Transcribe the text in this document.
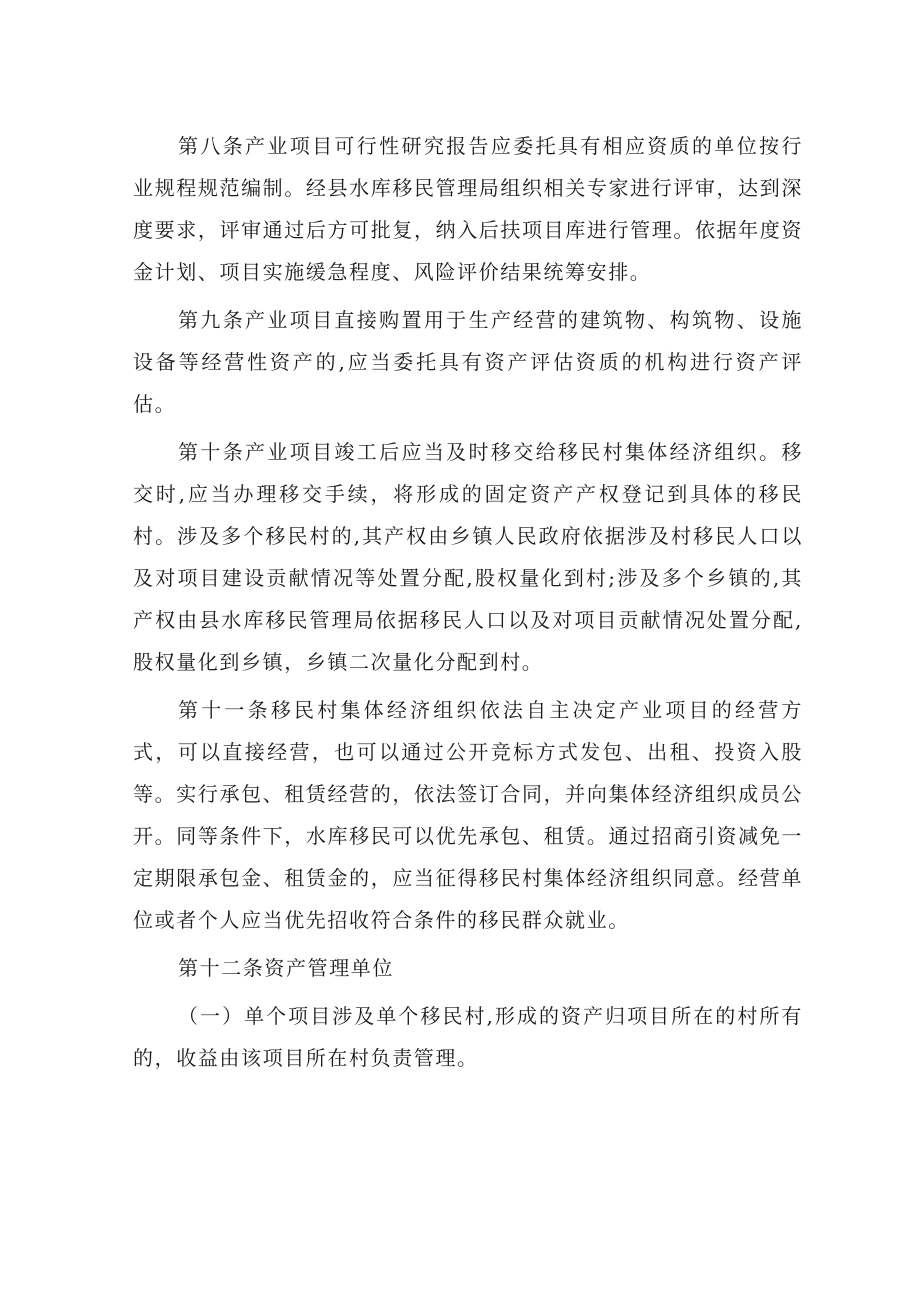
第八条产业项目可行性研究报告应委托具有相应资质的单位按行业规程规范编制。经县水库移民管理局组织相关专家进行评审，达到深度要求，评审通过后方可批复，纳入后扶项目库进行管理。依据年度资金计划、项目实施缓急程度、风险评价结果统筹安排。

第九条产业项目直接购置用于生产经营的建筑物、构筑物、设施设备等经营性资产的,应当委托具有资产评估资质的机构进行资产评估。

第十条产业项目竣工后应当及时移交给移民村集体经济组织。移交时,应当办理移交手续，将形成的固定资产产权登记到具体的移民村。涉及多个移民村的,其产权由乡镇人民政府依据涉及村移民人口以及对项目建设贡献情况等处置分配,股权量化到村;涉及多个乡镇的,其产权由县水库移民管理局依据移民人口以及对项目贡献情况处置分配,股权量化到乡镇，乡镇二次量化分配到村。

第十一条移民村集体经济组织依法自主决定产业项目的经营方式，可以直接经营，也可以通过公开竞标方式发包、出租、投资入股等。实行承包、租赁经营的，依法签订合同，并向集体经济组织成员公开。同等条件下，水库移民可以优先承包、租赁。通过招商引资减免一定期限承包金、租赁金的，应当征得移民村集体经济组织同意。经营单位或者个人应当优先招收符合条件的移民群众就业。

第十二条资产管理单位

（一）单个项目涉及单个移民村,形成的资产归项目所在的村所有的，收益由该项目所在村负责管理。
